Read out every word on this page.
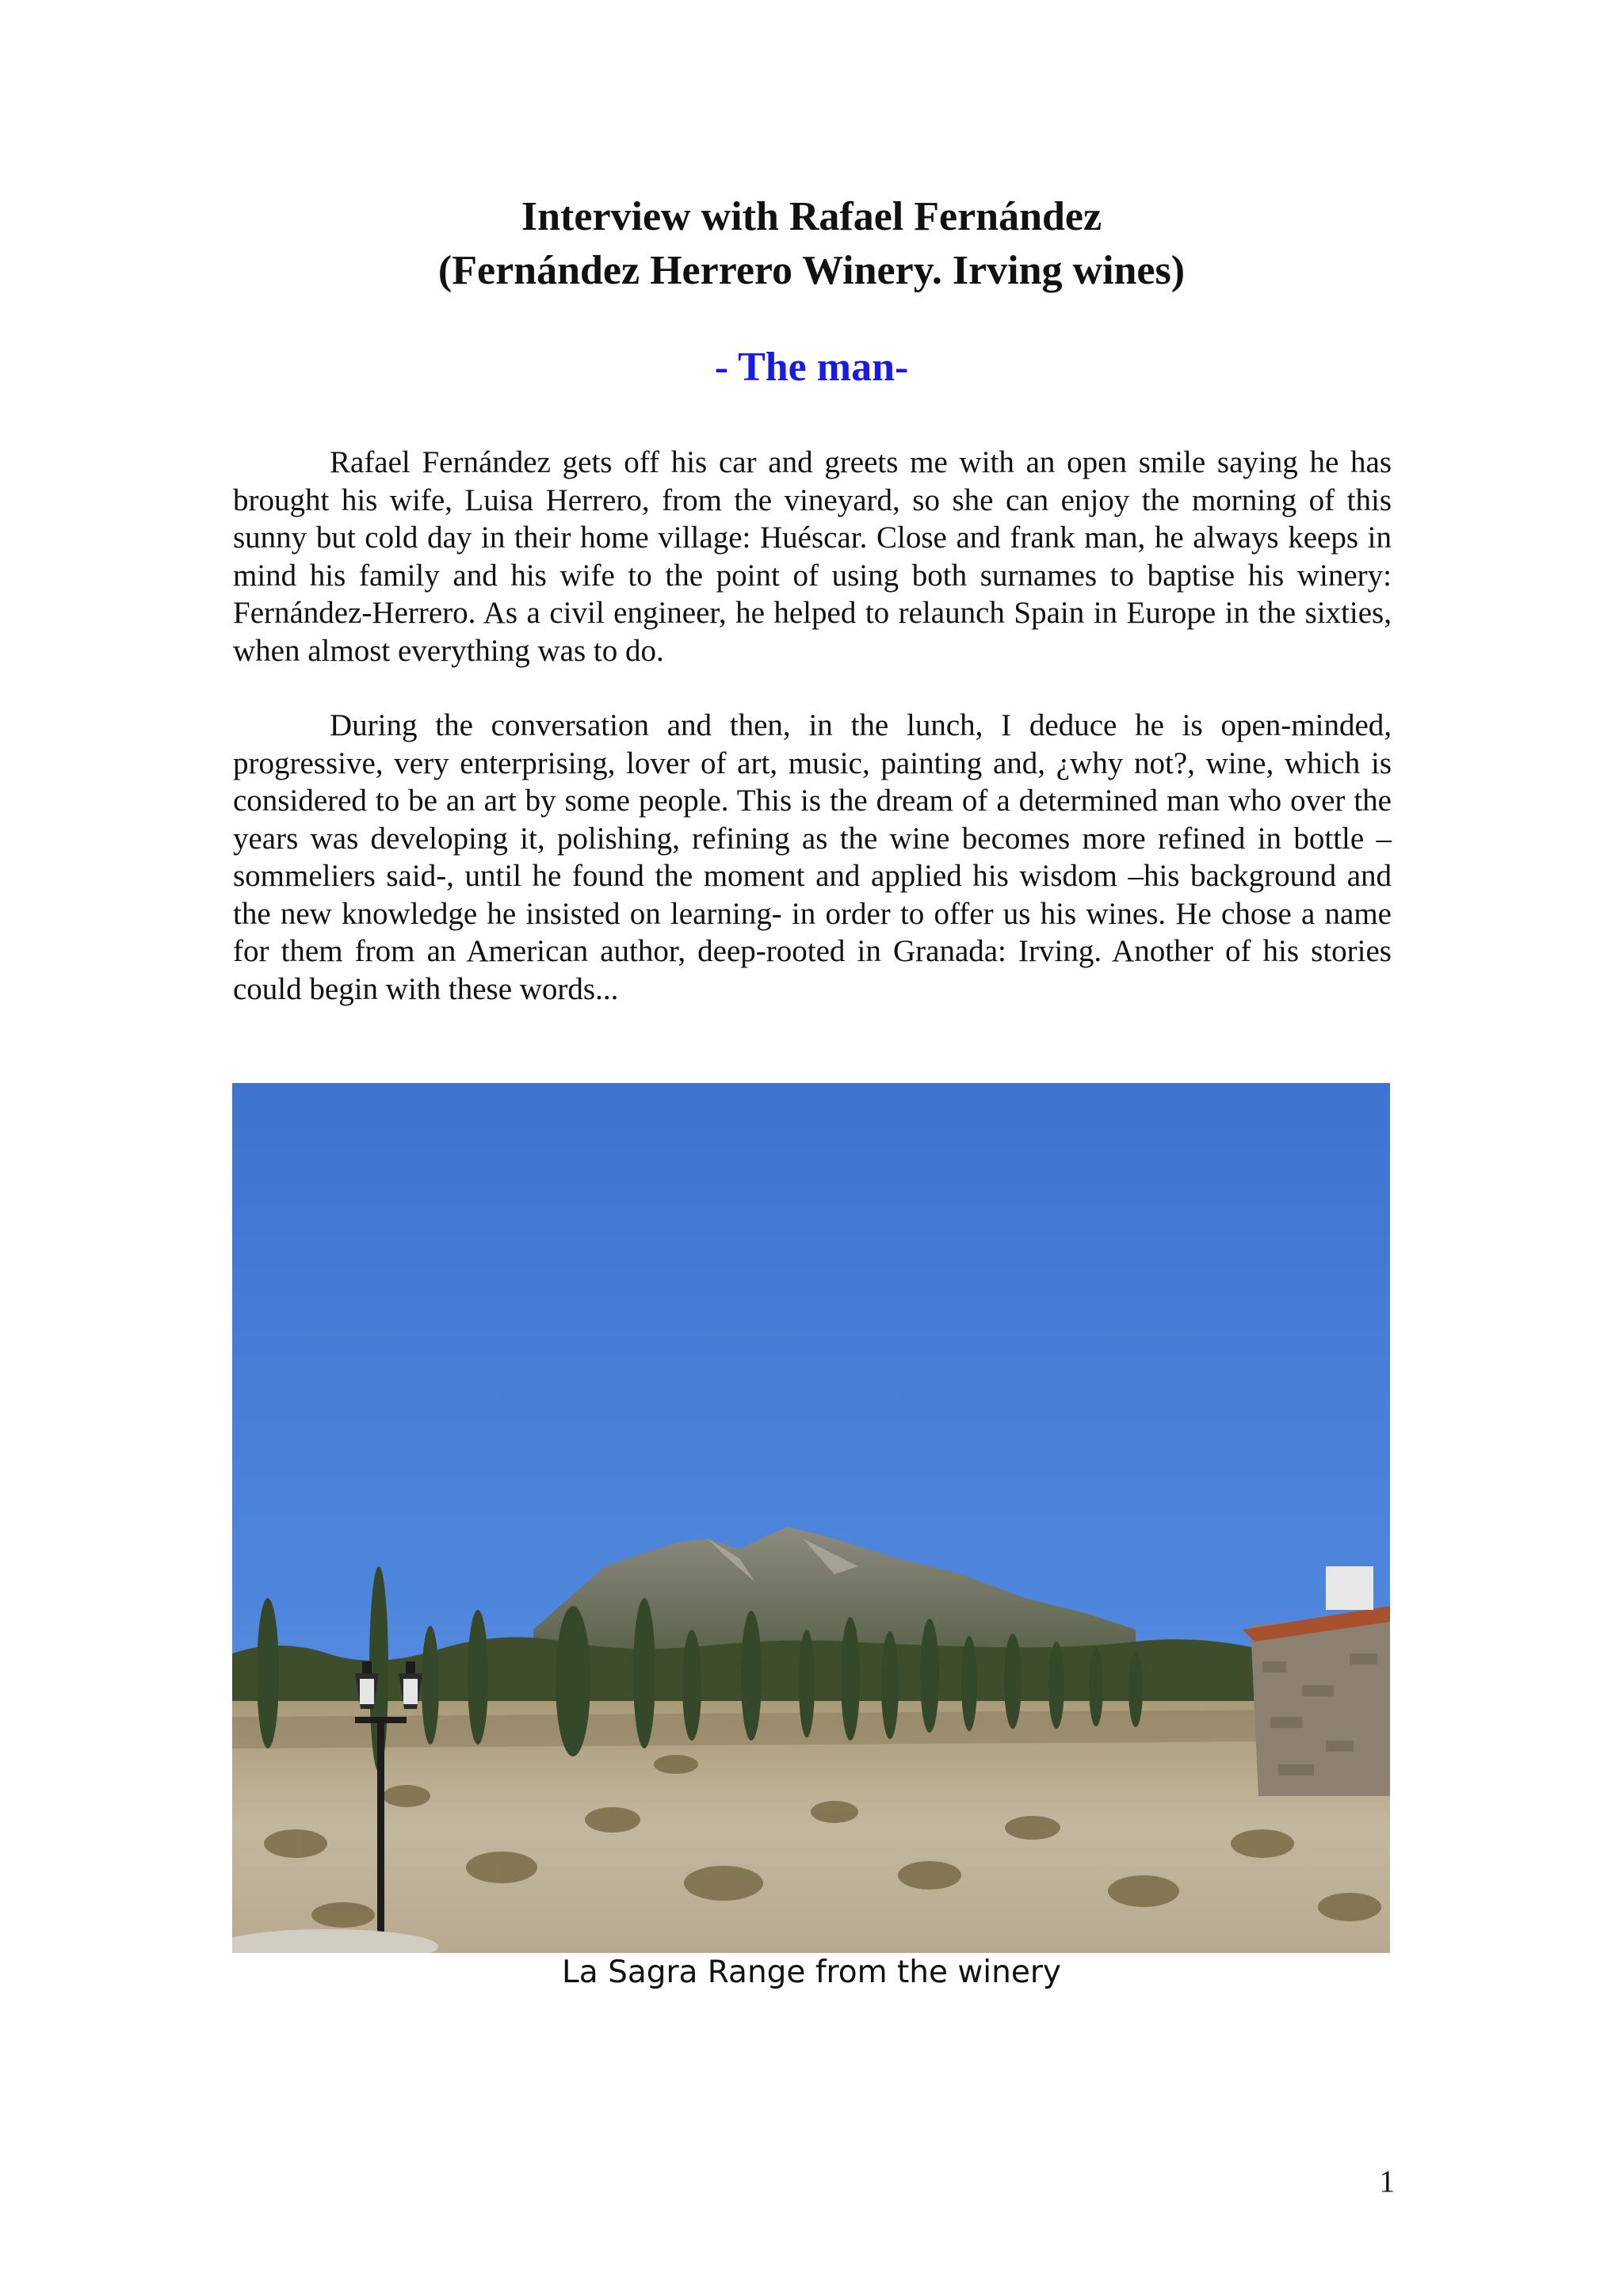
Interview with Rafael Fernández
(Fernández Herrero Winery. Irving wines)
- The man-

Rafael Fernández gets off his car and greets me with an open smile saying he has brought his wife, Luisa Herrero, from the vineyard, so she can enjoy the morning of this sunny but cold day in their home village: Huéscar. Close and frank man, he always keeps in mind his family and his wife to the point of using both surnames to baptise his winery: Fernández-Herrero. As a civil engineer, he helped to relaunch Spain in Europe in the sixties, when almost everything was to do.

During the conversation and then, in the lunch, I deduce he is open-minded, progressive, very enterprising, lover of art, music, painting and, ¿why not?, wine, which is considered to be an art by some people. This is the dream of a determined man who over the years was developing it, polishing, refining as the wine becomes more refined in bottle –sommeliers said-, until he found the moment and applied his wisdom –his background and the new knowledge he insisted on learning- in order to offer us his wines. He chose a name for them from an American author, deep-rooted in Granada: Irving. Another of his stories could begin with these words...

La Sagra Range from the winery
1
